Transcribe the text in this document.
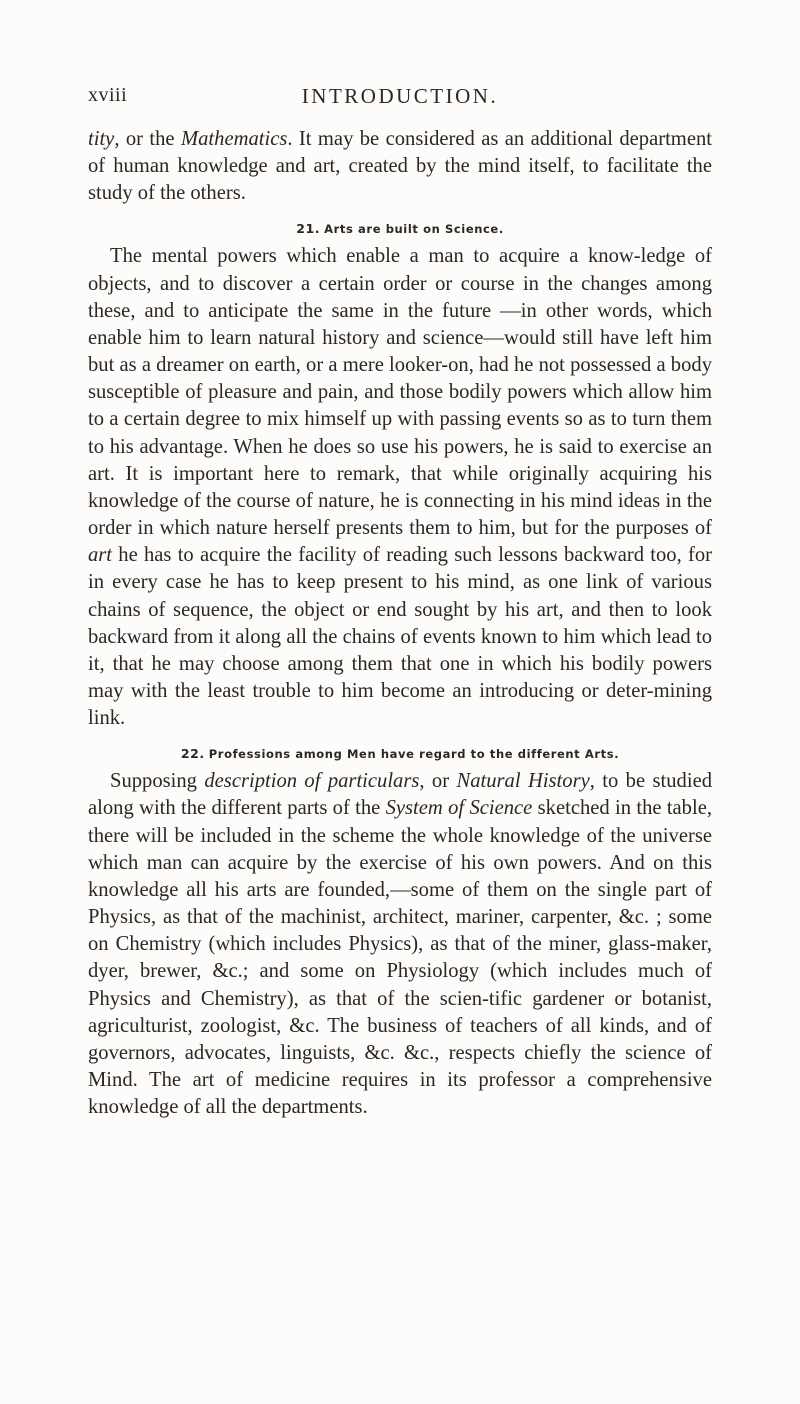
xviii	INTRODUCTION.

tity, or the Mathematics. It may be considered as an additional department of human knowledge and art, created by the mind itself, to facilitate the study of the others.

21. Arts are built on Science.

The mental powers which enable a man to acquire a know-ledge of objects, and to discover a certain order or course in the changes among these, and to anticipate the same in the future —in other words, which enable him to learn natural history and science—would still have left him but as a dreamer on earth, or a mere looker-on, had he not possessed a body susceptible of pleasure and pain, and those bodily powers which allow him to a certain degree to mix himself up with passing events so as to turn them to his advantage. When he does so use his powers, he is said to exercise an art. It is important here to remark, that while originally acquiring his knowledge of the course of nature, he is connecting in his mind ideas in the order in which nature herself presents them to him, but for the purposes of art he has to acquire the facility of reading such lessons backward too, for in every case he has to keep present to his mind, as one link of various chains of sequence, the object or end sought by his art, and then to look backward from it along all the chains of events known to him which lead to it, that he may choose among them that one in which his bodily powers may with the least trouble to him become an introducing or deter-mining link.

22. Professions among Men have regard to the different Arts.

Supposing description of particulars, or Natural History, to be studied along with the different parts of the System of Science sketched in the table, there will be included in the scheme the whole knowledge of the universe which man can acquire by the exercise of his own powers. And on this knowledge all his arts are founded,—some of them on the single part of Physics, as that of the machinist, architect, mariner, carpenter, &c. ; some on Chemistry (which includes Physics), as that of the miner, glass-maker, dyer, brewer, &c.; and some on Physiology (which includes much of Physics and Chemistry), as that of the scien-tific gardener or botanist, agriculturist, zoologist, &c. The business of teachers of all kinds, and of governors, advocates, linguists, &c. &c., respects chiefly the science of Mind. The art of medicine requires in its professor a comprehensive knowledge of all the departments.
